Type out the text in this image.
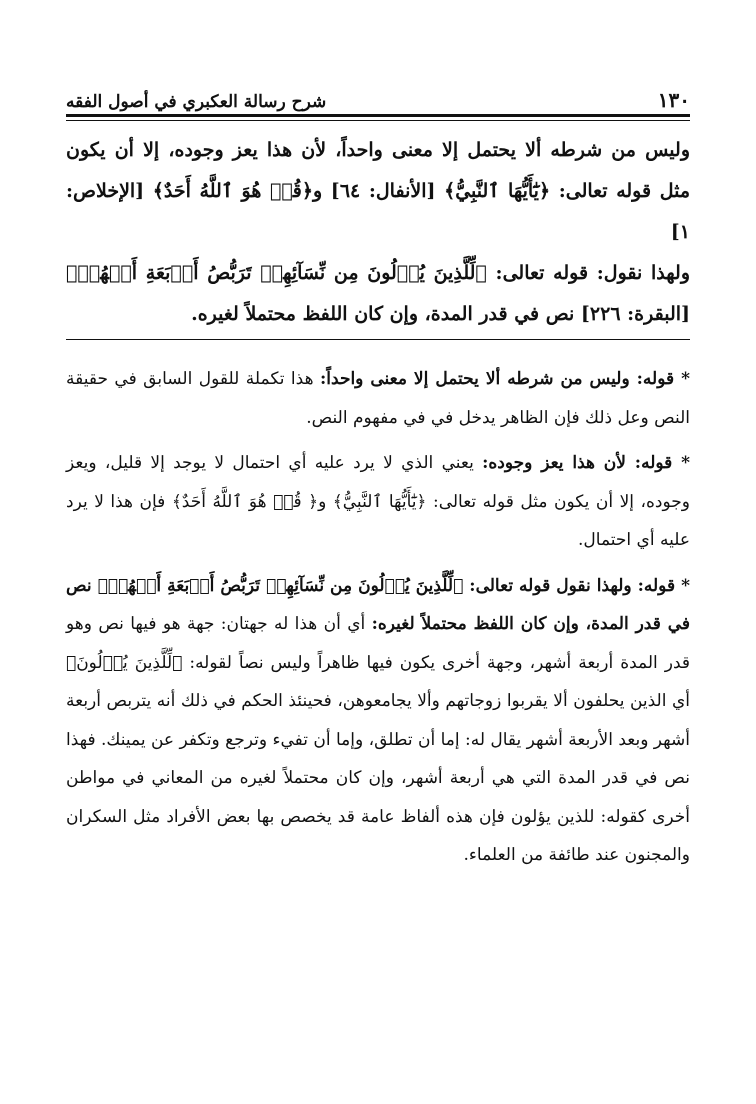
١٣٠
شرح رسالة العكبري في أصول الفقه

وليس من شرطه ألا يحتمل إلا معنى واحداً، لأن هذا يعز وجوده، إلا أن يكون مثل قوله تعالى: ﴿يَٰٓأَيُّهَا ٱلنَّبِيُّ﴾ [الأنفال: ٦٤] و﴿قُلۡ هُوَ ٱللَّهُ أَحَدٌ﴾ [الإخلاص: ١]

ولهذا نقول: قوله تعالى: ﴿لِّلَّذِينَ يُؤۡلُونَ مِن نِّسَآئِهِمۡ تَرَبُّصُ أَرۡبَعَةِ أَشۡهُرٖ﴾ [البقرة: ٢٢٦] نص في قدر المدة، وإن كان اللفظ محتملاً لغيره.

* قوله: وليس من شرطه ألا يحتمل إلا معنى واحداً: هذا تكملة للقول السابق في حقيقة النص وعل ذلك فإن الظاهر يدخل في في مفهوم النص.

* قوله: لأن هذا يعز وجوده: يعني الذي لا يرد عليه أي احتمال لا يوجد إلا قليل، ويعز وجوده، إلا أن يكون مثل قوله تعالى: ﴿يَٰٓأَيُّهَا ٱلنَّبِيُّ﴾ و﴿ قُلۡ هُوَ ٱللَّهُ أَحَدٌ﴾ فإن هذا لا يرد عليه أي احتمال.

* قوله: ولهذا نقول قوله تعالى: ﴿لِّلَّذِينَ يُؤۡلُونَ مِن نِّسَآئِهِمۡ تَرَبُّصُ أَرۡبَعَةِ أَشۡهُرٖ﴾ نص في قدر المدة، وإن كان اللفظ محتملاً لغيره: أي أن هذا له جهتان: جهة هو فيها نص وهو قدر المدة أربعة أشهر، وجهة أخرى يكون فيها ظاهراً وليس نصاً لقوله: ﴿لِّلَّذِينَ يُؤۡلُونَ﴾ أي الذين يحلفون ألا يقربوا زوجاتهم وألا يجامعوهن، فحينئذ الحكم في ذلك أنه يتربص أربعة أشهر وبعد الأربعة أشهر يقال له: إما أن تطلق، وإما أن تفيء وترجع وتكفر عن يمينك. فهذا نص في قدر المدة التي هي أربعة أشهر، وإن كان محتملاً لغيره من المعاني في مواطن أخرى كقوله: للذين يؤلون فإن هذه ألفاظ عامة قد يخصص بها بعض الأفراد مثل السكران والمجنون عند طائفة من العلماء.
